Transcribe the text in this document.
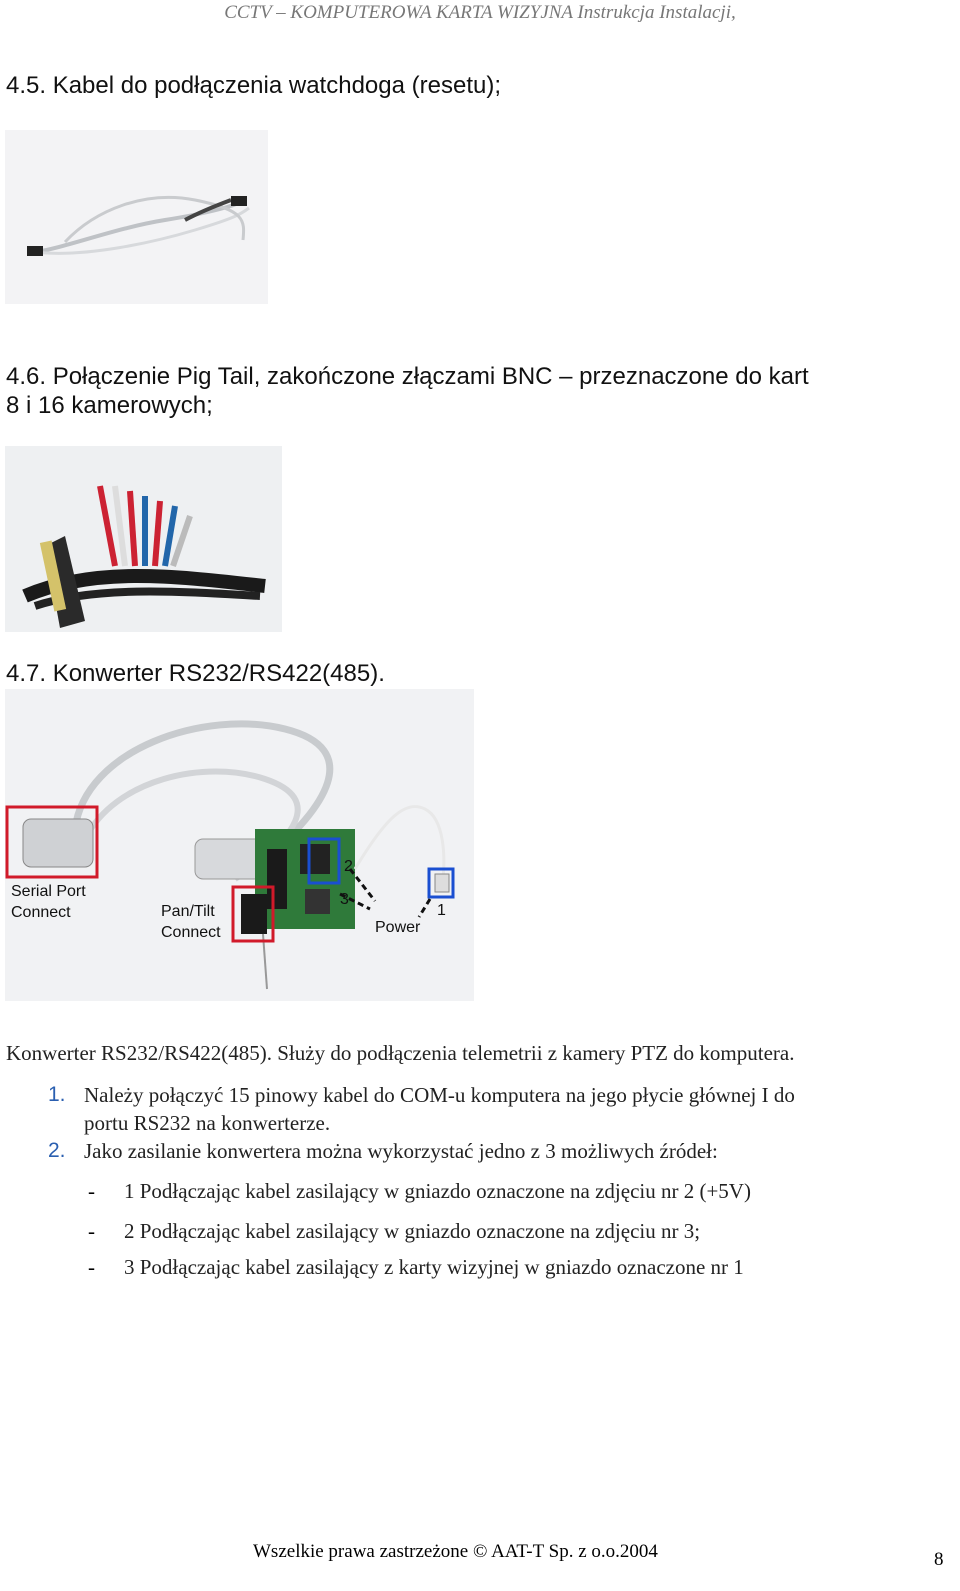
CCTV – KOMPUTEROWA KARTA WIZYJNA Instrukcja Instalacji,
4.5. Kabel do podłączenia watchdoga (resetu);
4.6. Połączenie Pig Tail, zakończone złączami BNC – przeznaczone do kart
8 i 16 kamerowych;
4.7. Konwerter RS232/RS422(485).
Serial Port
Connect	Pan/Tilt
Connect	Power
2
3
1
Konwerter RS232/RS422(485). Służy do podłączenia telemetrii z kamery PTZ do komputera.
1. Należy połączyć 15 pinowy kabel do COM-u komputera na jego płycie głównej I do
portu RS232 na konwerterze.
2. Jako zasilanie konwertera można wykorzystać jedno z 3 możliwych źródeł:
- 1 Podłączając kabel zasilający w gniazdo oznaczone na zdjęciu nr 2 (+5V)
- 2 Podłączając kabel zasilający w gniazdo oznaczone na zdjęciu nr 3;
- 3 Podłączając kabel zasilający z karty wizyjnej w gniazdo oznaczone nr 1
Wszelkie prawa zastrzeżone © AAT-T Sp. z o.o.2004	8
